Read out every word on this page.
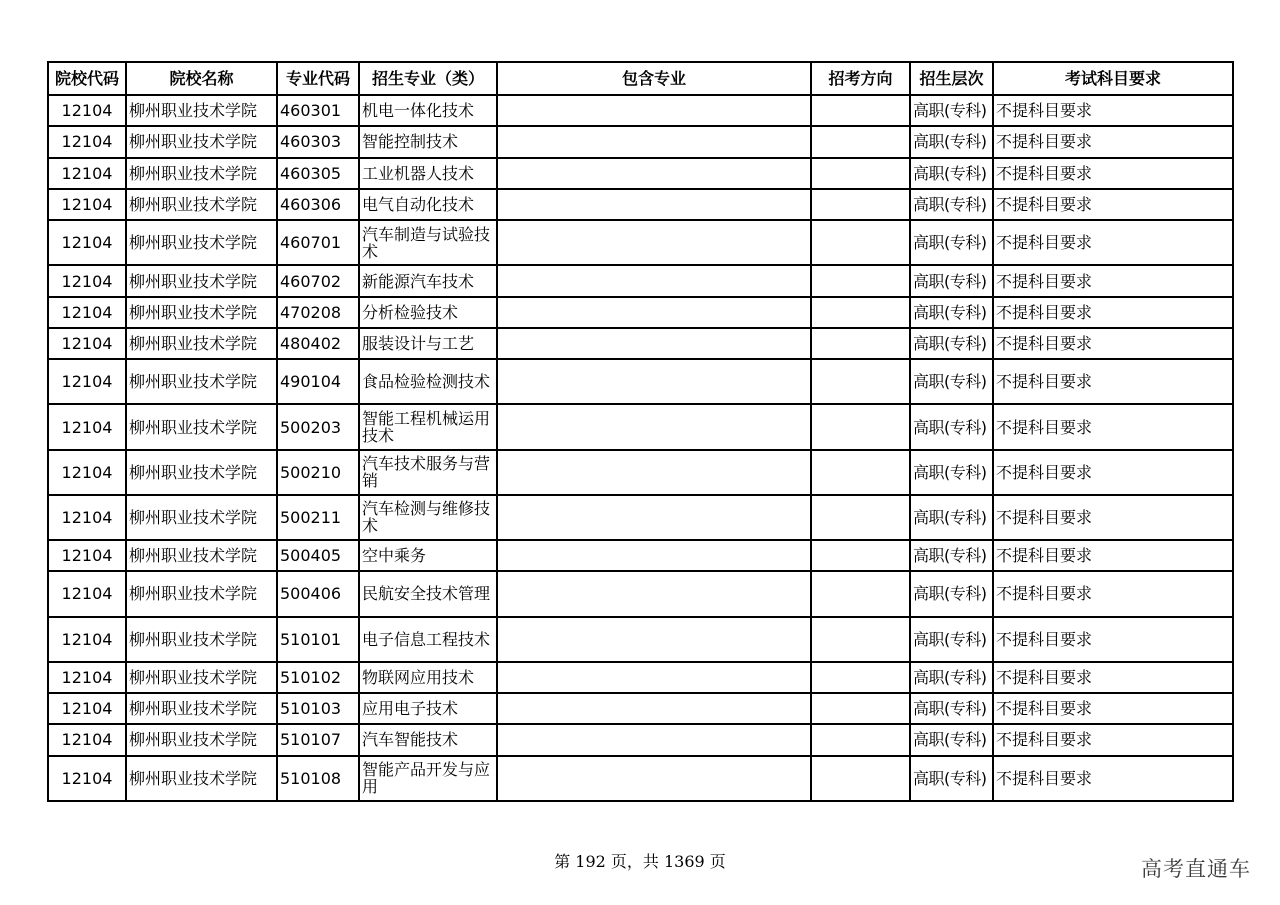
院校代码	院校名称	专业代码	招生专业（类）	包含专业	招考方向	招生层次	考试科目要求
12104	柳州职业技术学院	460301	机电一体化技术			高职(专科)	不提科目要求
12104	柳州职业技术学院	460303	智能控制技术			高职(专科)	不提科目要求
12104	柳州职业技术学院	460305	工业机器人技术			高职(专科)	不提科目要求
12104	柳州职业技术学院	460306	电气自动化技术			高职(专科)	不提科目要求
12104	柳州职业技术学院	460701	汽车制造与试验技术			高职(专科)	不提科目要求
12104	柳州职业技术学院	460702	新能源汽车技术			高职(专科)	不提科目要求
12104	柳州职业技术学院	470208	分析检验技术			高职(专科)	不提科目要求
12104	柳州职业技术学院	480402	服装设计与工艺			高职(专科)	不提科目要求
12104	柳州职业技术学院	490104	食品检验检测技术			高职(专科)	不提科目要求
12104	柳州职业技术学院	500203	智能工程机械运用技术			高职(专科)	不提科目要求
12104	柳州职业技术学院	500210	汽车技术服务与营销			高职(专科)	不提科目要求
12104	柳州职业技术学院	500211	汽车检测与维修技术			高职(专科)	不提科目要求
12104	柳州职业技术学院	500405	空中乘务			高职(专科)	不提科目要求
12104	柳州职业技术学院	500406	民航安全技术管理			高职(专科)	不提科目要求
12104	柳州职业技术学院	510101	电子信息工程技术			高职(专科)	不提科目要求
12104	柳州职业技术学院	510102	物联网应用技术			高职(专科)	不提科目要求
12104	柳州职业技术学院	510103	应用电子技术			高职(专科)	不提科目要求
12104	柳州职业技术学院	510107	汽车智能技术			高职(专科)	不提科目要求
12104	柳州职业技术学院	510108	智能产品开发与应用			高职(专科)	不提科目要求
第 192 页，共 1369 页	高考直通车
